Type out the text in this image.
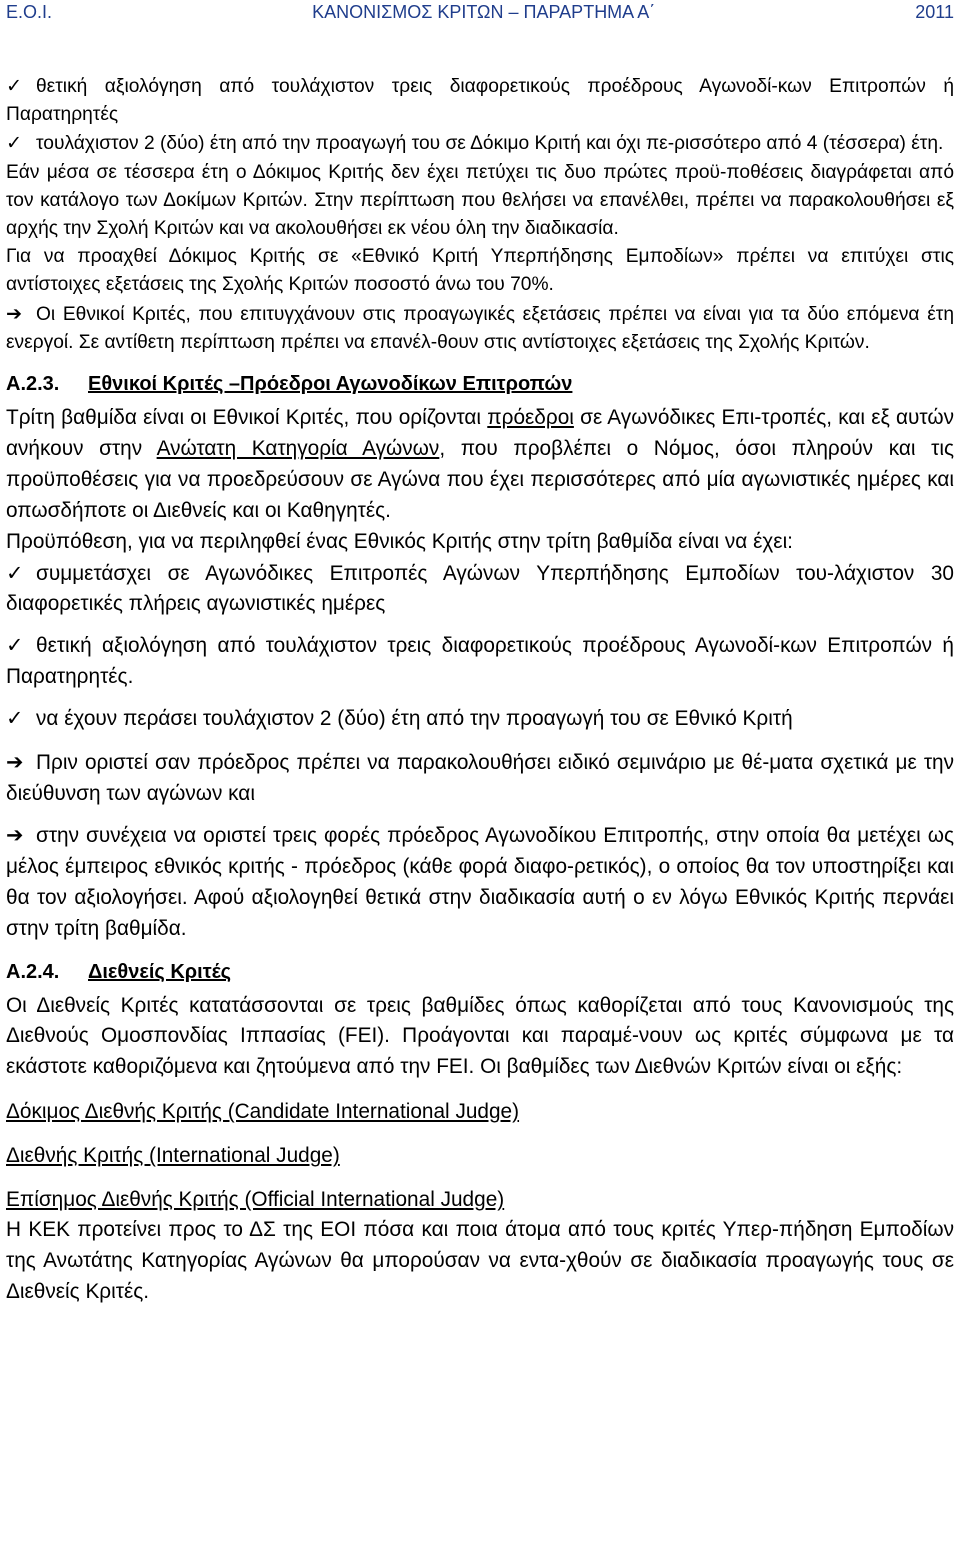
Ε.Ο.Ι.	ΚΑΝΟΝΙΣΜΟΣ ΚΡΙΤΩΝ – ΠΑΡΑΡΤΗΜΑ Α΄	2011

✓ θετική αξιολόγηση από τουλάχιστον τρεις διαφορετικούς προέδρους Αγωνοδί-κων Επιτροπών ή Παρατηρητές

✓ τουλάχιστον 2 (δύο) έτη από την προαγωγή του σε Δόκιμο Κριτή και όχι πε-ρισσότερο από 4 (τέσσερα) έτη.

Εάν μέσα σε τέσσερα έτη ο Δόκιμος Κριτής δεν έχει πετύχει τις δυο πρώτες προϋ-ποθέσεις διαγράφεται από τον κατάλογο των Δοκίμων Κριτών. Στην περίπτωση που θελήσει να επανέλθει, πρέπει να παρακολουθήσει εξ αρχής την Σχολή Κριτών και να ακολουθήσει εκ νέου όλη την διαδικασία.

Για να προαχθεί Δόκιμος Κριτής σε «Εθνικό Κριτή Υπερπήδησης Εμποδίων» πρέπει να επιτύχει στις αντίστοιχες εξετάσεις της Σχολής Κριτών ποσοστό άνω του 70%.

➔ Οι Εθνικοί Κριτές, που επιτυγχάνουν στις προαγωγικές εξετάσεις πρέπει να είναι για τα δύο επόμενα έτη ενεργοί. Σε αντίθετη περίπτωση πρέπει να επανέλ-θουν στις αντίστοιχες εξετάσεις της Σχολής Κριτών.

Α.2.3. Εθνικοί Κριτές –Πρόεδροι Αγωνοδίκων Επιτροπών

Τρίτη βαθμίδα είναι οι Εθνικοί Κριτές, που ορίζονται πρόεδροι σε Αγωνόδικες Επι-τροπές, και εξ αυτών ανήκουν στην Ανώτατη Κατηγορία Αγώνων, που προβλέπει ο Νόμος, όσοι πληρούν και τις προϋποθέσεις για να προεδρεύσουν σε Αγώνα που έχει περισσότερες από μία αγωνιστικές ημέρες και οπωσδήποτε οι Διεθνείς και οι Καθηγητές.

Προϋπόθεση, για να περιληφθεί ένας Εθνικός Κριτής στην τρίτη βαθμίδα είναι να έχει:

✓ συμμετάσχει σε Αγωνόδικες Επιτροπές Αγώνων Υπερπήδησης Εμποδίων του-λάχιστον 30 διαφορετικές πλήρεις αγωνιστικές ημέρες

✓ θετική αξιολόγηση από τουλάχιστον τρεις διαφορετικούς προέδρους Αγωνοδί-κων Επιτροπών ή Παρατηρητές.

✓ να έχουν περάσει τουλάχιστον 2 (δύο) έτη από την προαγωγή του σε Εθνικό Κριτή

➔ Πριν οριστεί σαν πρόεδρος πρέπει να παρακολουθήσει ειδικό σεμινάριο με θέ-ματα σχετικά με την διεύθυνση των αγώνων και

➔ στην συνέχεια να οριστεί τρεις φορές πρόεδρος Αγωνοδίκου Επιτροπής, στην οποία θα μετέχει ως μέλος έμπειρος εθνικός κριτής - πρόεδρος (κάθε φορά διαφο-ρετικός), ο οποίος θα τον υποστηρίξει και θα τον αξιολογήσει. Αφού αξιολογηθεί θετικά στην διαδικασία αυτή ο εν λόγω Εθνικός Κριτής περνάει στην τρίτη βαθμίδα.

Α.2.4. Διεθνείς Κριτές

Οι Διεθνείς Κριτές κατατάσσονται σε τρεις βαθμίδες όπως καθορίζεται από τους Κανονισμούς της Διεθνούς Ομοσπονδίας Ιππασίας (FEI). Προάγονται και παραμέ-νουν ως κριτές σύμφωνα με τα εκάστοτε καθοριζόμενα και ζητούμενα από την FEI. Οι βαθμίδες των Διεθνών Κριτών είναι οι εξής:

Δόκιμος Διεθνής Κριτής (Candidate International Judge)

Διεθνής Κριτής (International Judge)

Επίσημος Διεθνής Κριτής (Official International Judge)

Η ΚΕΚ προτείνει προς το ΔΣ της ΕΟΙ πόσα και ποια άτομα από τους κριτές Υπερ-πήδηση Εμποδίων της Ανωτάτης Κατηγορίας Αγώνων θα μπορούσαν να εντα-χθούν σε διαδικασία προαγωγής τους σε Διεθνείς Κριτές.
